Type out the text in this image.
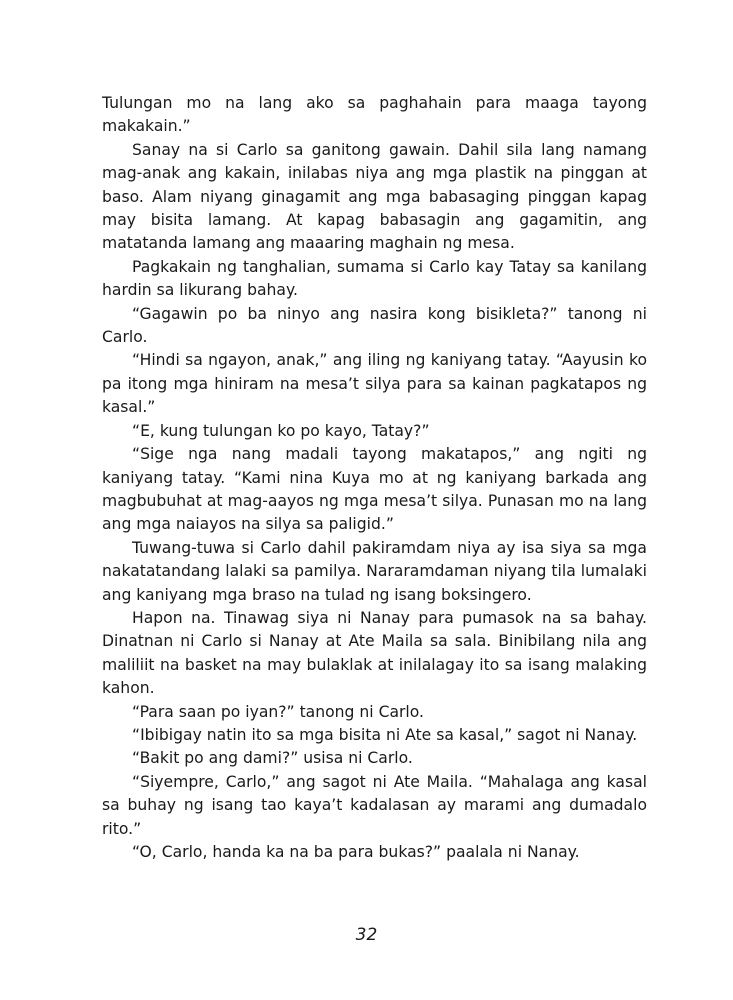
Tulungan mo na lang ako sa paghahain para maaga tayong makakain.”

Sanay na si Carlo sa ganitong gawain. Dahil sila lang namang mag-anak ang kakain, inilabas niya ang mga plastik na pinggan at baso. Alam niyang ginagamit ang mga babasaging pinggan kapag may bisita lamang. At kapag babasagin ang gagamitin, ang matatanda lamang ang maaaring maghain ng mesa.

Pagkakain ng tanghalian, sumama si Carlo kay Tatay sa kanilang hardin sa likurang bahay.

“Gagawin po ba ninyo ang nasira kong bisikleta?” tanong ni Carlo.

“Hindi sa ngayon, anak,” ang iling ng kaniyang tatay. “Aayusin ko pa itong mga hiniram na mesa’t silya para sa kainan pagkatapos ng kasal.”

“E, kung tulungan ko po kayo, Tatay?”

“Sige nga nang madali tayong makatapos,” ang ngiti ng kaniyang tatay. “Kami nina Kuya mo at ng kaniyang barkada ang magbubuhat at mag-aayos ng mga mesa’t silya. Punasan mo na lang ang mga naiayos na silya sa paligid.”

Tuwang-tuwa si Carlo dahil pakiramdam niya ay isa siya sa mga nakatatandang lalaki sa pamilya. Nararamdaman niyang tila lumalaki ang kaniyang mga braso na tulad ng isang boksingero.

Hapon na. Tinawag siya ni Nanay para pumasok na sa bahay. Dinatnan ni Carlo si Nanay at Ate Maila sa sala. Binibilang nila ang maliliit na basket na may bulaklak at inilalagay ito sa isang malaking kahon.

“Para saan po iyan?” tanong ni Carlo.

“Ibibigay natin ito sa mga bisita ni Ate sa kasal,” sagot ni Nanay.

“Bakit po ang dami?” usisa ni Carlo.

“Siyempre, Carlo,” ang sagot ni Ate Maila. “Mahalaga ang kasal sa buhay ng isang tao kaya’t kadalasan ay marami ang dumadalo rito.”

“O, Carlo, handa ka na ba para bukas?” paalala ni Nanay.

32
